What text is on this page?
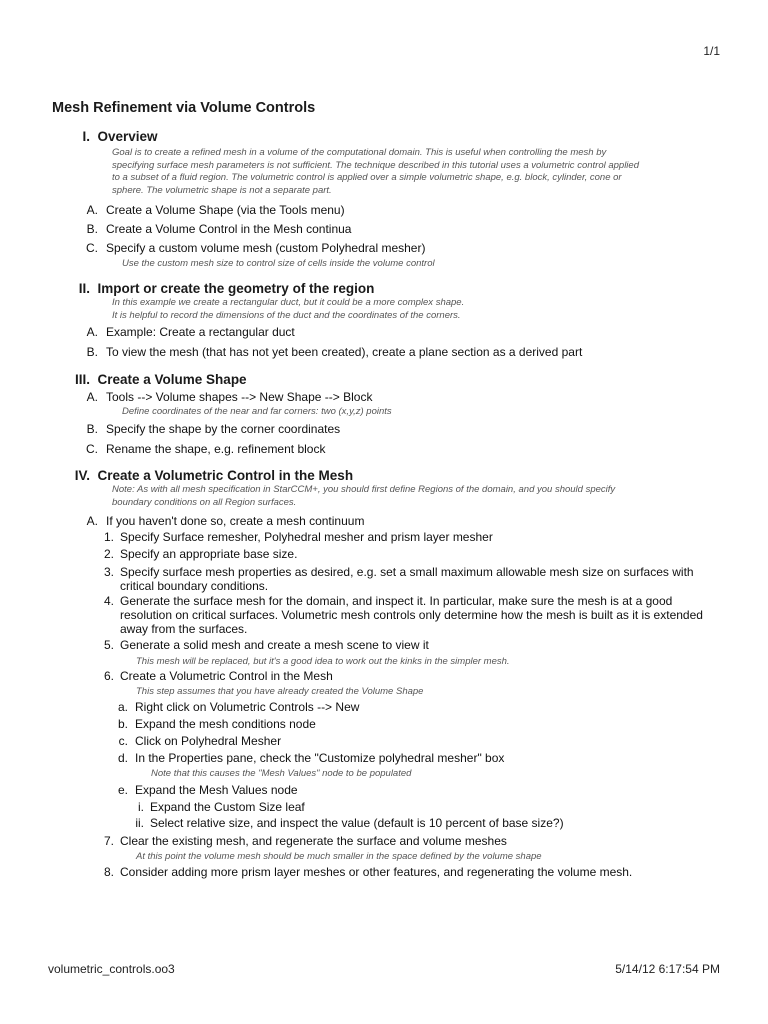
1/1
Mesh Refinement via Volume Controls
I. Overview
Goal is to create a refined mesh in a volume of the computational domain. This is useful when controlling the mesh by
specifying surface mesh parameters is not sufficient. The technique described in this tutorial uses a volumetric control applied
to a subset of a fluid region. The volumetric control is applied over a simple volumetric shape, e.g. block, cylinder, cone or
sphere. The volumetric shape is not a separate part.
A. Create a Volume Shape (via the Tools menu)
B. Create a Volume Control in the Mesh continua
C. Specify a custom volume mesh (custom Polyhedral mesher)
Use the custom mesh size to control size of cells inside the volume control
II. Import or create the geometry of the region
In this example we create a rectangular duct, but it could be a more complex shape.
It is helpful to record the dimensions of the duct and the coordinates of the corners.
A. Example: Create a rectangular duct
B. To view the mesh (that has not yet been created), create a plane section as a derived part
III. Create a Volume Shape
A. Tools --> Volume shapes --> New Shape --> Block
Define coordinates of the near and far corners: two (x,y,z) points
B. Specify the shape by the corner coordinates
C. Rename the shape, e.g. refinement block
IV. Create a Volumetric Control in the Mesh
Note: As with all mesh specification in StarCCM+, you should first define Regions of the domain, and you should specify
boundary conditions on all Region surfaces.
A. If you haven't done so, create a mesh continuum
1. Specify Surface remesher, Polyhedral mesher and prism layer mesher
2. Specify an appropriate base size.
3. Specify surface mesh properties as desired, e.g. set a small maximum allowable mesh size on surfaces with
critical boundary conditions.
4. Generate the surface mesh for the domain, and inspect it. In particular, make sure the mesh is at a good
resolution on critical surfaces. Volumetric mesh controls only determine how the mesh is built as it is extended
away from the surfaces.
5. Generate a solid mesh and create a mesh scene to view it
This mesh will be replaced, but it's a good idea to work out the kinks in the simpler mesh.
6. Create a Volumetric Control in the Mesh
This step assumes that you have already created the Volume Shape
a. Right click on Volumetric Controls --> New
b. Expand the mesh conditions node
c. Click on Polyhedral Mesher
d. In the Properties pane, check the "Customize polyhedral mesher" box
Note that this causes the "Mesh Values" node to be populated
e. Expand the Mesh Values node
i. Expand the Custom Size leaf
ii. Select relative size, and inspect the value (default is 10 percent of base size?)
7. Clear the existing mesh, and regenerate the surface and volume meshes
At this point the volume mesh should be much smaller in the space defined by the volume shape
8. Consider adding more prism layer meshes or other features, and regenerating the volume mesh.
volumetric_controls.oo3	5/14/12 6:17:54 PM
